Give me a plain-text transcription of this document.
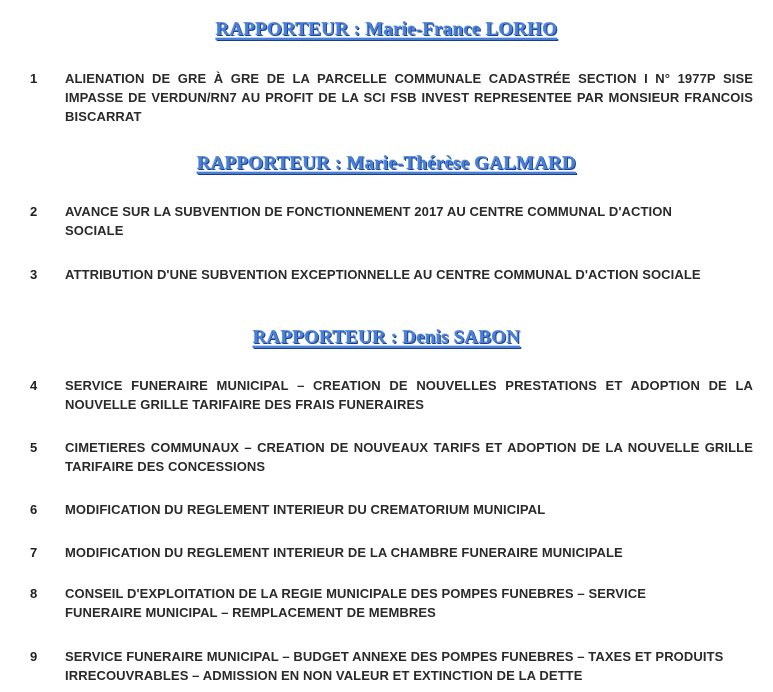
RAPPORTEUR : Marie-France LORHO
1 ALIENATION DE GRE À GRE DE LA PARCELLE COMMUNALE CADASTRÉE SECTION I N° 1977P SISE IMPASSE DE VERDUN/RN7 AU PROFIT DE LA SCI FSB INVEST REPRESENTEE PAR MONSIEUR FRANCOIS BISCARRAT
RAPPORTEUR : Marie-Thérèse GALMARD
2 AVANCE SUR LA SUBVENTION DE FONCTIONNEMENT 2017 AU CENTRE COMMUNAL D'ACTION SOCIALE
3 ATTRIBUTION D'UNE SUBVENTION EXCEPTIONNELLE AU CENTRE COMMUNAL D'ACTION SOCIALE
RAPPORTEUR : Denis SABON
4 SERVICE FUNERAIRE MUNICIPAL – CREATION DE NOUVELLES PRESTATIONS ET ADOPTION DE LA NOUVELLE GRILLE TARIFAIRE DES FRAIS FUNERAIRES
5 CIMETIERES COMMUNAUX – CREATION DE NOUVEAUX TARIFS ET ADOPTION DE LA NOUVELLE GRILLE TARIFAIRE DES CONCESSIONS
6 MODIFICATION DU REGLEMENT INTERIEUR DU CREMATORIUM MUNICIPAL
7 MODIFICATION DU REGLEMENT INTERIEUR DE LA CHAMBRE FUNERAIRE MUNICIPALE
8 CONSEIL D'EXPLOITATION DE LA REGIE MUNICIPALE DES POMPES FUNEBRES – SERVICE FUNERAIRE MUNICIPAL – REMPLACEMENT DE MEMBRES
9 SERVICE FUNERAIRE MUNICIPAL – BUDGET ANNEXE DES POMPES FUNEBRES – TAXES ET PRODUITS IRRECOUVRABLES – ADMISSION EN NON VALEUR ET EXTINCTION DE LA DETTE
